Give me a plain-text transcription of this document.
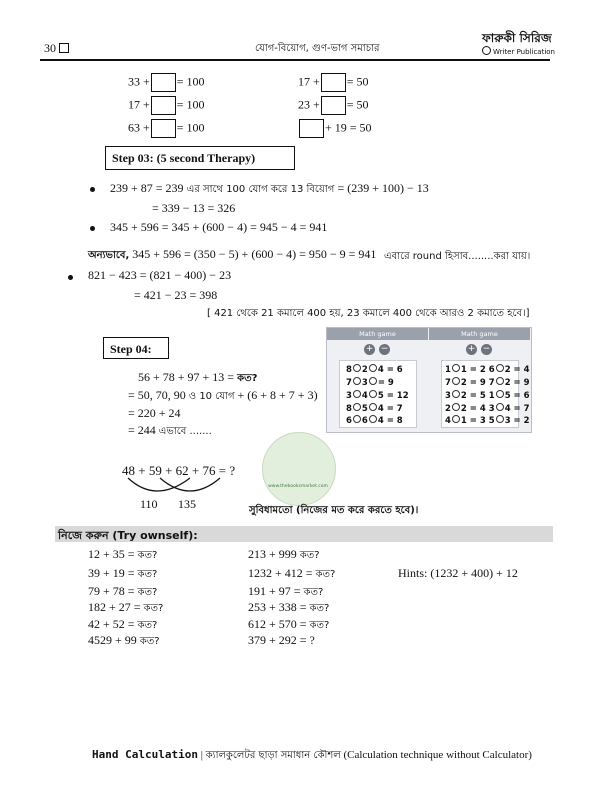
30	যোগ-বিয়োগ, গুণ-ভাগ সমাচার
ফারুকী সিরিজ
Writer Publication
33 + = 100
17 + = 100
63 + = 100
17 + = 50
23 + = 50
+ 19 = 50
Step 03: (5 second Therapy)
239 + 87 = 239 এর সাথে 100 যোগ করে 13 বিয়োগ = (239 + 100) − 13
= 339 − 13 = 326
345 + 596 = 345 + (600 − 4) = 945 − 4 = 941
অন্যভাবে, 345 + 596 = (350 − 5) + (600 − 4) = 950 − 9 = 941 এবারে round হিসাব........করা যায়।
821 − 423 = (821 − 400) − 23
= 421 − 23 = 398
[ 421 থেকে 21 কমালে 400 হয়, 23 কমালে 400 থেকে আরও 2 কমাতে হবে।]
Math game
+ −
8 2 4 = 6
7 3 = 9
3 4 5 = 12
8 5 4 = 7
6 6 4 = 8
Math game
+ −
1 1 = 2 6 2 = 4
7 2 = 9 7 2 = 9
3 2 = 5 1 5 = 6
2 2 = 4 3 4 = 7
4 1 = 3 5 3 = 2
Step 04:
56 + 78 + 97 + 13 = কত?
= 50, 70, 90 ও 10 যোগ + (6 + 8 + 7 + 3)
= 220 + 24
= 244 এভাবে .......
www.thebooksmarket.com
48 + 59 + 62 + 76 = ?
110 135	সুবিধামতো (নিজের মত করে করতে হবে)।
নিজে করুন (Try ownself):
12 + 35 = কত?
39 + 19 = কত?
79 + 78 = কত?
182 + 27 = কত?
42 + 52 = কত?
4529 + 99 কত?
213 + 999 কত?
1232 + 412 = কত?
191 + 97 = কত?
253 + 338 = কত?
612 + 570 = কত?
379 + 292 = ?
Hints: (1232 + 400) + 12
Hand Calculation | ক্যালকুলেটর ছাড়া সমাধান কৌশল (Calculation technique without Calculator)
